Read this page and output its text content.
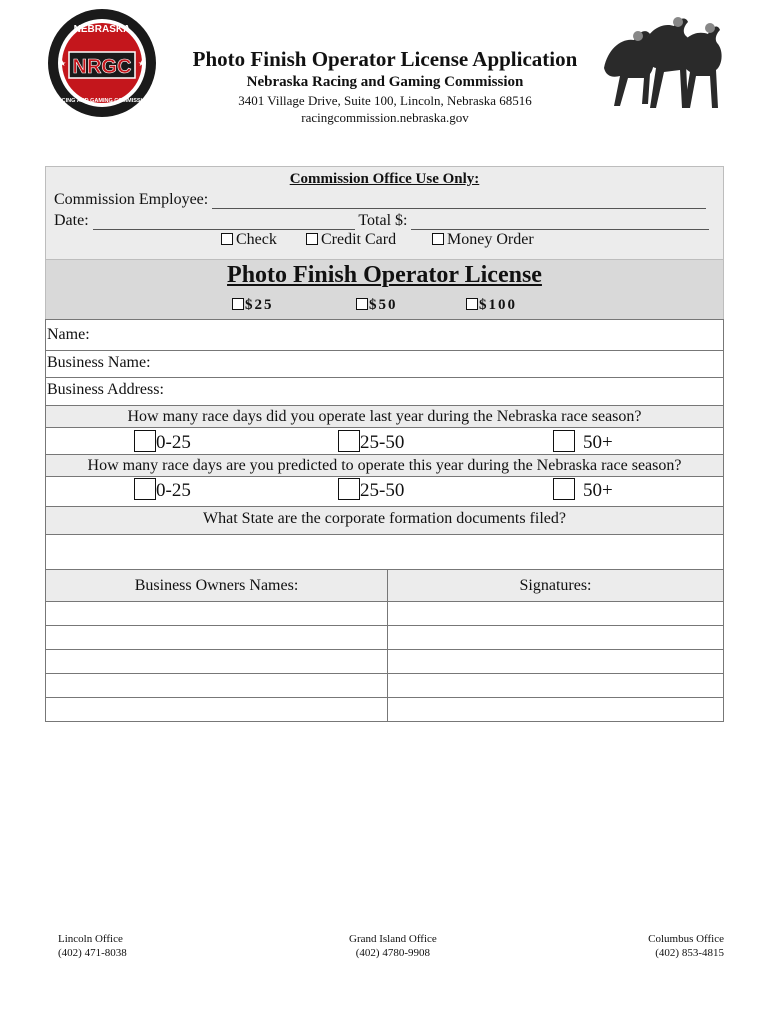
NEBRASKA
NRGC
RACING AND GAMING COMMISSION
★	★	Photo Finish Operator License Application
Nebraska Racing and Gaming Commission
3401 Village Drive, Suite 100, Lincoln, Nebraska 68516
racingcommission.nebraska.gov
Commission Office Use Only:
Commission Employee:
Date:	Total $:
Check	Credit Card	Money Order
Photo Finish Operator License
$25	$50	$100
Name:
Business Name:
Business Address:
How many race days did you operate last year during the Nebraska race season?
0-25	25-50	50+
How many race days are you predicted to operate this year during the Nebraska race season?
0-25	25-50	50+
What State are the corporate formation documents filed?
Business Owners Names:	Signatures:

Lincoln Office
(402) 471-8038
Grand Island Office
(402) 4780-9908
Columbus Office
(402) 853-4815
